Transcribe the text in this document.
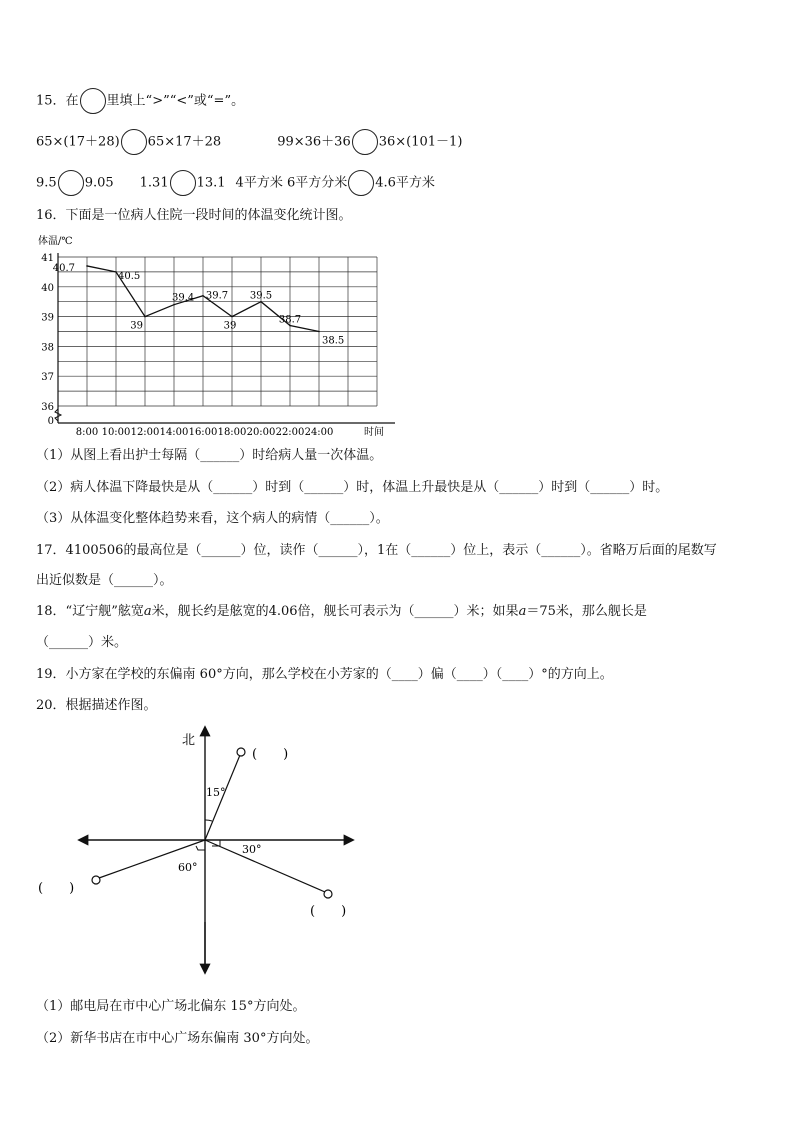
15．在 里填上“>”“<”或“=”。
65×(17＋28) 65×17＋28	99×36＋36 36×(101－1)
9.5 9.05 1.31 13.1 4平方米 6平方分米 4.6平方米
16．下面是一位病人住院一段时间的体温变化统计图。
0
36
37
38
39
40
41
8:00 10:00 12:00 14:00 16:00 18:00 20:00 22:00 24:00
40.7
40.5
39
39.4 39.7
39
39.5
38.7
38.5
体温/℃
时间
（1）从图上看出护士每隔（______）时给病人量一次体温。
（2）病人体温下降最快是从（______）时到（______）时，体温上升最快是从（______）时到（______）时。
（3）从体温变化整体趋势来看，这个病人的病情（______）。
17．4100506的最高位是（______）位，读作（______），1在（______）位上，表示（______）。省略万后面的尾数写
出近似数是（______）。
18．“辽宁舰”舷宽a米，舰长约是舷宽的4.06倍，舰长可表示为（______）米；如果a＝75米，那么舰长是
（______）米。
19．小方家在学校的东偏南 60°方向，那么学校在小芳家的（____）偏（____）（____）°的方向上。
20．根据描述作图。
北
15°
30°
60°
(　　)
(　　)
(　　)
（1）邮电局在市中心广场北偏东 15°方向处。
（2）新华书店在市中心广场东偏南 30°方向处。
